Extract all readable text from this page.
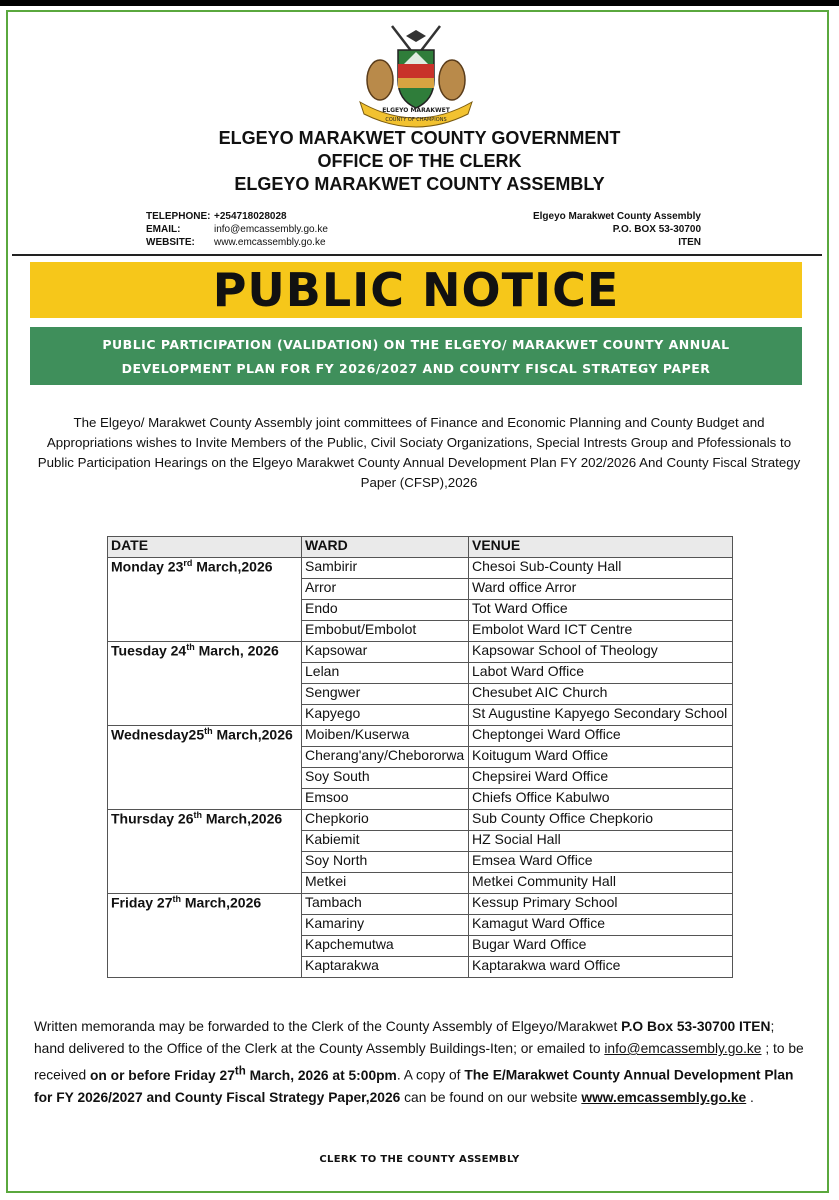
ELGEYO MARAKWET
COUNTY OF CHAMPIONS
ELGEYO MARAKWET COUNTY GOVERNMENT
OFFICE OF THE CLERK
ELGEYO MARAKWET COUNTY ASSEMBLY
TELEPHONE: +254718028028
EMAIL:	info@emcassembly.go.ke
WEBSITE: www.emcassembly.go.ke
Elgeyo Marakwet County Assembly
P.O. BOX 53-30700
ITEN
PUBLIC NOTICE
PUBLIC PARTICIPATION (VALIDATION) ON THE ELGEYO/ MARAKWET COUNTY ANNUAL
DEVELOPMENT PLAN FOR FY 2026/2027 AND COUNTY FISCAL STRATEGY PAPER
The Elgeyo/ Marakwet County Assembly joint committees of Finance and Economic Planning and County Budget and Appropriations wishes to Invite Members of the Public, Civil Sociaty Organizations, Special Intrests Group and Pfofessionals to Public Participation Hearings on the Elgeyo Marakwet County Annual Development Plan FY 202/2026 And County Fiscal Strategy Paper (CFSP),2026
DATE	WARD	VENUE
Monday 23rd March,2026	Sambirir	Chesoi Sub-County Hall
	Arror	Ward office Arror
	Endo	Tot Ward Office
	Embobut/Embolot	Embolot Ward ICT Centre
Tuesday 24th March, 2026	Kapsowar	Kapsowar School of Theology
	Lelan	Labot Ward Office
	Sengwer	Chesubet AIC Church
	Kapyego	St Augustine Kapyego Secondary School
Wednesday25th March,2026	Moiben/Kuserwa	Cheptongei Ward Office
	Cherang'any/Chebororwa	Koitugum Ward Office
	Soy South	Chepsirei Ward Office
	Emsoo	Chiefs Office Kabulwo
Thursday 26th March,2026	Chepkorio	Sub County Office Chepkorio
	Kabiemit	HZ Social Hall
	Soy North	Emsea Ward Office
	Metkei	Metkei Community Hall
Friday 27th March,2026	Tambach	Kessup Primary School
	Kamariny	Kamagut Ward Office
	Kapchemutwa	Bugar Ward Office
	Kaptarakwa	Kaptarakwa ward Office
Written memoranda may be forwarded to the Clerk of the County Assembly of Elgeyo/Marakwet P.O Box 53-30700 ITEN; hand delivered to the Office of the Clerk at the County Assembly Buildings-Iten; or emailed to info@emcassembly.go.ke ; to be received on or before Friday 27th March, 2026 at 5:00pm. A copy of The E/Marakwet County Annual Development Plan for FY 2026/2027 and County Fiscal Strategy Paper,2026 can be found on our website www.emcassembly.go.ke .
CLERK TO THE COUNTY ASSEMBLY
